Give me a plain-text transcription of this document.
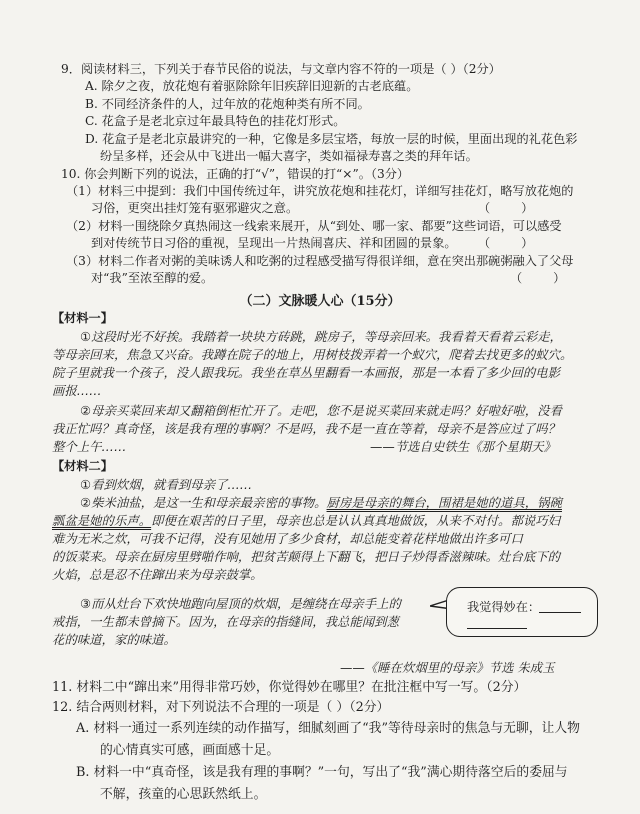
9．阅读材料三，下列关于春节民俗的说法，与文章内容不符的一项是（ ）（2分）
A. 除夕之夜，放花炮有着驱除除年旧疾辞旧迎新的古老底蕴。
B. 不同经济条件的人，过年放的花炮种类有所不同。
C. 花盒子是老北京过年最具特色的挂花灯形式。
D. 花盒子是老北京最讲究的一种，它像是多层宝塔，每放一层的时候，里面出现的礼花色彩
纷呈多样，还会从中飞进出一幅大喜字，类如福禄寿喜之类的拜年话。
10. 你会判断下列的说法，正确的打“√”，错误的打“×”。（3分）
（1）材料三中提到：我们中国传统过年，讲究放花炮和挂花灯，详细写挂花灯，略写放花炮的
习俗，更突出挂灯笼有驱邪避灾之意。	（        ）
（2）材料一围绕除夕真热闹这一线索来展开，从“到处、哪一家、都要”这些词语，可以感受
到对传统节日习俗的重视，呈现出一片热闹喜庆、祥和团圆的景象。 （        ）
（3）材料二作者对粥的美味诱人和吃粥的过程感受描写得很详细，意在突出那碗粥融入了父母
对“我”至浓至醇的爱。	（        ）
（二）文脉暖人心（15分）
【材料一】
①这段时光不好挨。我踏着一块块方砖跳，跳房子，等母亲回来。我看着天看着云彩走，
等母亲回来，焦急又兴奋。我蹲在院子的地上，用树枝拨弄着一个蚁穴，爬着去找更多的蚁穴。
院子里就我一个孩子，没人跟我玩。我坐在草丛里翻看一本画报，那是一本看了多少回的电影
画报……
②母亲买菜回来却又翻箱倒柜忙开了。走吧，您不是说买菜回来就走吗？好啦好啦，没看
我正忙吗？真奇怪，该是我有理的事啊？不是吗，我不是一直在等着，母亲不是答应过了吗？
整个上午……	——节选自史铁生《那个星期天》
【材料二】
①看到炊烟，就看到母亲了……
②柴米油盐，是这一生和母亲最亲密的事物。厨房是母亲的舞台，围裙是她的道具，锅碗
瓢盆是她的乐声。即便在艰苦的日子里，母亲也总是认认真真地做饭，从来不对付。都说巧妇
难为无米之炊，可我不记得，没有见她用了多少食材，却总能变着花样地做出许多可口
的饭菜来。母亲在厨房里劈啪作响，把贫苦颠得上下翻飞，把日子炒得香滋辣味。灶台底下的
火焰，总是忍不住蹿出来为母亲鼓掌。
③而从灶台下欢快地跑向屋顶的炊烟，是缠绕在母亲手上的
戒指，一生都未曾摘下。因为，在母亲的指缝间，我总能闻到葱
花的味道，家的味道。
我觉得妙在：
——《睡在炊烟里的母亲》节选 朱成玉
11. 材料二中“蹿出来”用得非常巧妙，你觉得妙在哪里？在批注框中写一写。（2分）
12. 结合两则材料，对下列说法不合理的一项是（ ）（2分）
A. 材料一通过一系列连续的动作描写，细腻刻画了“我”等待母亲时的焦急与无聊，让人物
的心情真实可感，画面感十足。
B. 材料一中“真奇怪，该是我有理的事啊？”一句，写出了“我”满心期待落空后的委屈与
不解，孩童的心思跃然纸上。
